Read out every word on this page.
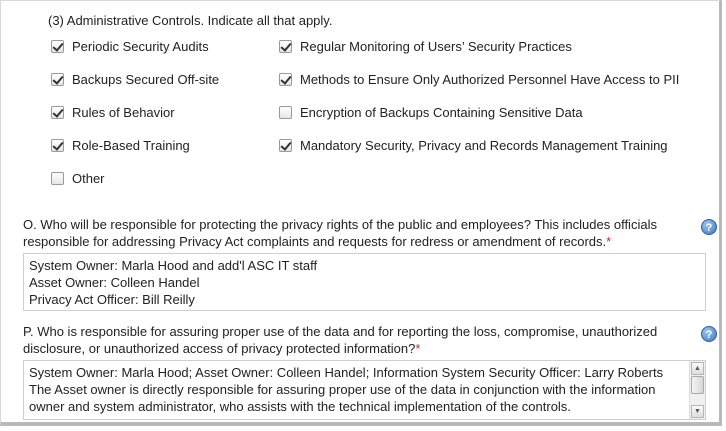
(3) Administrative Controls. Indicate all that apply.
Periodic Security Audits
Backups Secured Off-site
Rules of Behavior
Role-Based Training
Other
Regular Monitoring of Users’ Security Practices
Methods to Ensure Only Authorized Personnel Have Access to PII
Encryption of Backups Containing Sensitive Data
Mandatory Security, Privacy and Records Management Training
O. Who will be responsible for protecting the privacy rights of the public and employees? This includes officials responsible for addressing Privacy Act complaints and requests for redress or amendment of records.*
?
System Owner: Marla Hood and add'l ASC IT staff
Asset Owner: Colleen Handel
Privacy Act Officer: Bill Reilly
P. Who is responsible for assuring proper use of the data and for reporting the loss, compromise, unauthorized disclosure, or unauthorized access of privacy protected information?*
?
System Owner: Marla Hood; Asset Owner: Colleen Handel; Information System Security Officer: Larry Roberts
The Asset owner is directly responsible for assuring proper use of the data in conjunction with the information
owner and system administrator, who assists with the technical implementation of the controls.
▲
▼
